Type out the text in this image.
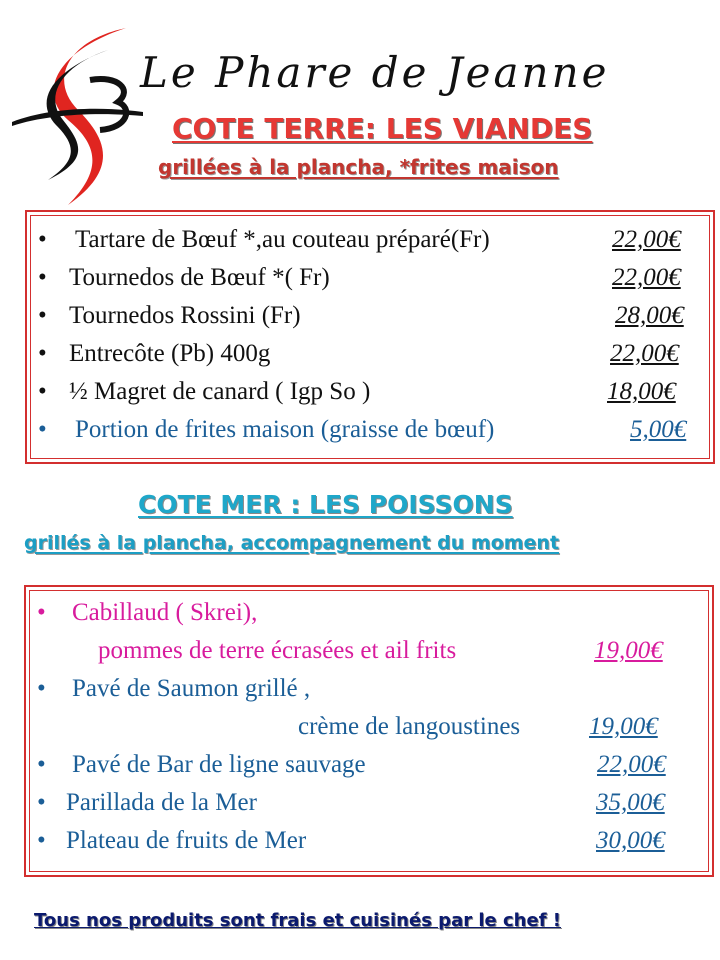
Le Phare de Jeanne
COTE TERRE: LES VIANDES
grillées à la plancha, *frites maison
• Tartare de Bœuf *,au couteau préparé(Fr)	22,00€
• Tournedos de Bœuf *( Fr)	22,00€
• Tournedos Rossini (Fr)	28,00€
• Entrecôte (Pb) 400g	22,00€
• ½ Magret de canard ( Igp So )	18,00€
• Portion de frites maison (graisse de bœuf)	5,00€
COTE MER : LES POISSONS
grillés à la plancha, accompagnement du moment
• Cabillaud ( Skrei),
pommes de terre écrasées et ail frits	19,00€
• Pavé de Saumon grillé ,
crème de langoustines	19,00€
• Pavé de Bar de ligne sauvage	22,00€
• Parillada de la Mer	35,00€
• Plateau de fruits de Mer	30,00€
Tous nos produits sont frais et cuisinés par le chef !
